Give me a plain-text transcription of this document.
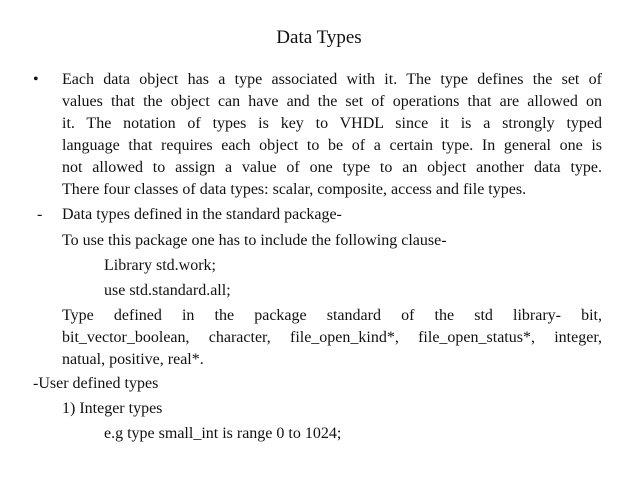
Data Types
• Each data object has a type associated with it. The type defines the set of
values that the object can have and the set of operations that are allowed on
it. The notation of types is key to VHDL since it is a strongly typed
language that requires each object to be of a certain type. In general one is
not allowed to assign a value of one type to an object another data type.
There four classes of data types: scalar, composite, access and file types.
- Data types defined in the standard package-
To use this package one has to include the following clause-
Library std.work;
use std.standard.all;
Type defined in the package standard of the std library- bit,
bit_vector_boolean, character, file_open_kind*, file_open_status*, integer,
natual, positive, real*.
-User defined types
1) Integer types
e.g type small_int is range 0 to 1024;
